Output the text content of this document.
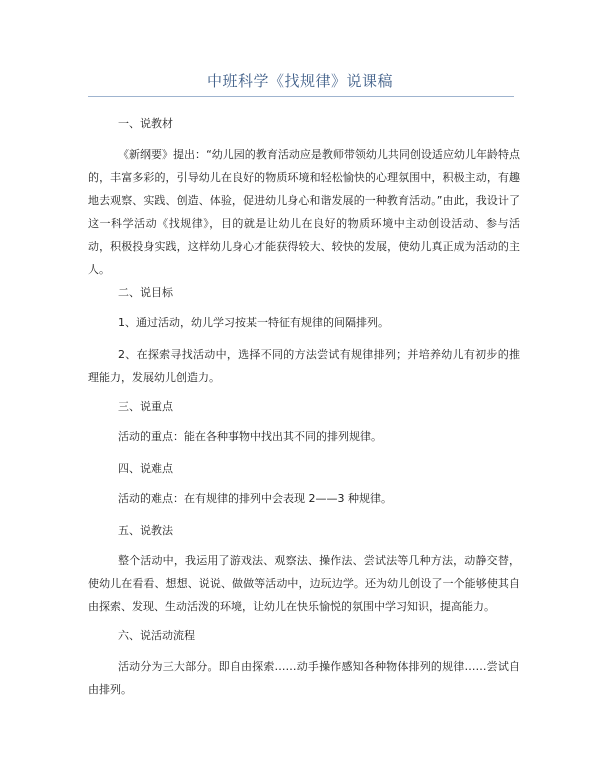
中班科学《找规律》说课稿
一、说教材
《新纲要》提出：“幼儿园的教育活动应是教师带领幼儿共同创设适应幼儿年龄特点的，丰富多彩的，引导幼儿在良好的物质环境和轻松愉快的心理氛围中，积极主动，有趣地去观察、实践、创造、体验，促进幼儿身心和谐发展的一种教育活动。”由此，我设计了这一科学活动《找规律》，目的就是让幼儿在良好的物质环境中主动创设活动、参与活动，积极投身实践，这样幼儿身心才能获得较大、较快的发展，使幼儿真正成为活动的主人。
二、说目标
1、通过活动，幼儿学习按某一特征有规律的间隔排列。
2、在探索寻找活动中，选择不同的方法尝试有规律排列；并培养幼儿有初步的推理能力，发展幼儿创造力。
三、说重点
活动的重点：能在各种事物中找出其不同的排列规律。
四、说难点
活动的难点：在有规律的排列中会表现 2——3 种规律。
五、说教法
整个活动中，我运用了游戏法、观察法、操作法、尝试法等几种方法，动静交替，使幼儿在看看、想想、说说、做做等活动中，边玩边学。还为幼儿创设了一个能够使其自由探索、发现、生动活泼的环境，让幼儿在快乐愉悦的氛围中学习知识，提高能力。
六、说活动流程
活动分为三大部分。即自由探索……动手操作感知各种物体排列的规律……尝试自由排列。
